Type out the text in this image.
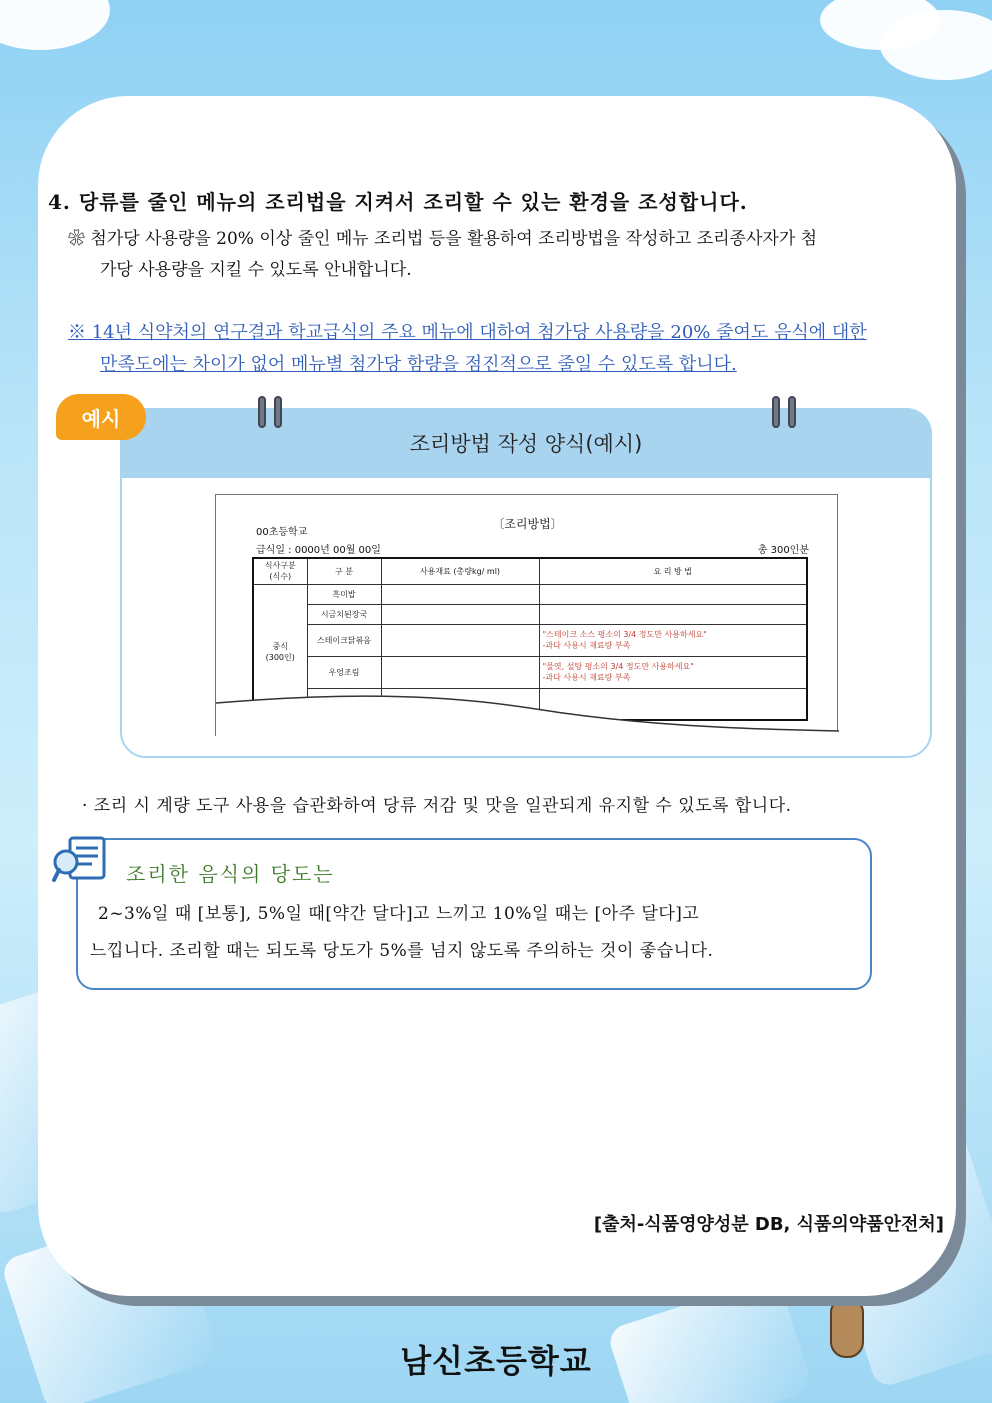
4. 당류를 줄인 메뉴의 조리법을 지켜서 조리할 수 있는 환경을 조성합니다.
❀ 첨가당 사용량을 20% 이상 줄인 메뉴 조리법 등을 활용하여 조리방법을 작성하고 조리종사자가 첨
가당 사용량을 지킬 수 있도록 안내합니다.
※ 14년 식약처의 연구결과 학교급식의 주요 메뉴에 대하여 첨가당 사용량을 20% 줄여도 음식에 대한
만족도에는 차이가 없어 메뉴별 첨가당 함량을 점진적으로 줄일 수 있도록 합니다.
조리방법 작성 양식(예시)
예시
〔조리방법〕
00초등학교
급식일 : 0000년 00월 00일	총 300인분
식사구분
(식수)	구 분	사용재료 (총량kg/ ml)	요 리 방 법
중식
(300인)	흑미밥		
	시금치된장국		
	스테이크닭볶음		"스테이크 소스 평소의 3/4 정도만 사용하세요"
-과다 사용시 재료량 부족
	우엉조림		"물엿, 설탕 평소의 3/4 정도만 사용하세요"
-과다 사용시 재료량 부족

· 조리 시 계량 도구 사용을 습관화하여 당류 저감 및 맛을 일관되게 유지할 수 있도록 합니다.
조리한 음식의 당도는
2~3%일 때 [보통], 5%일 때[약간 달다]고 느끼고 10%일 때는 [아주 달다]고
느낍니다. 조리할 때는 되도록 당도가 5%를 넘지 않도록 주의하는 것이 좋습니다.
[출처-식품영양성분 DB, 식품의약품안전처]
남신초등학교
